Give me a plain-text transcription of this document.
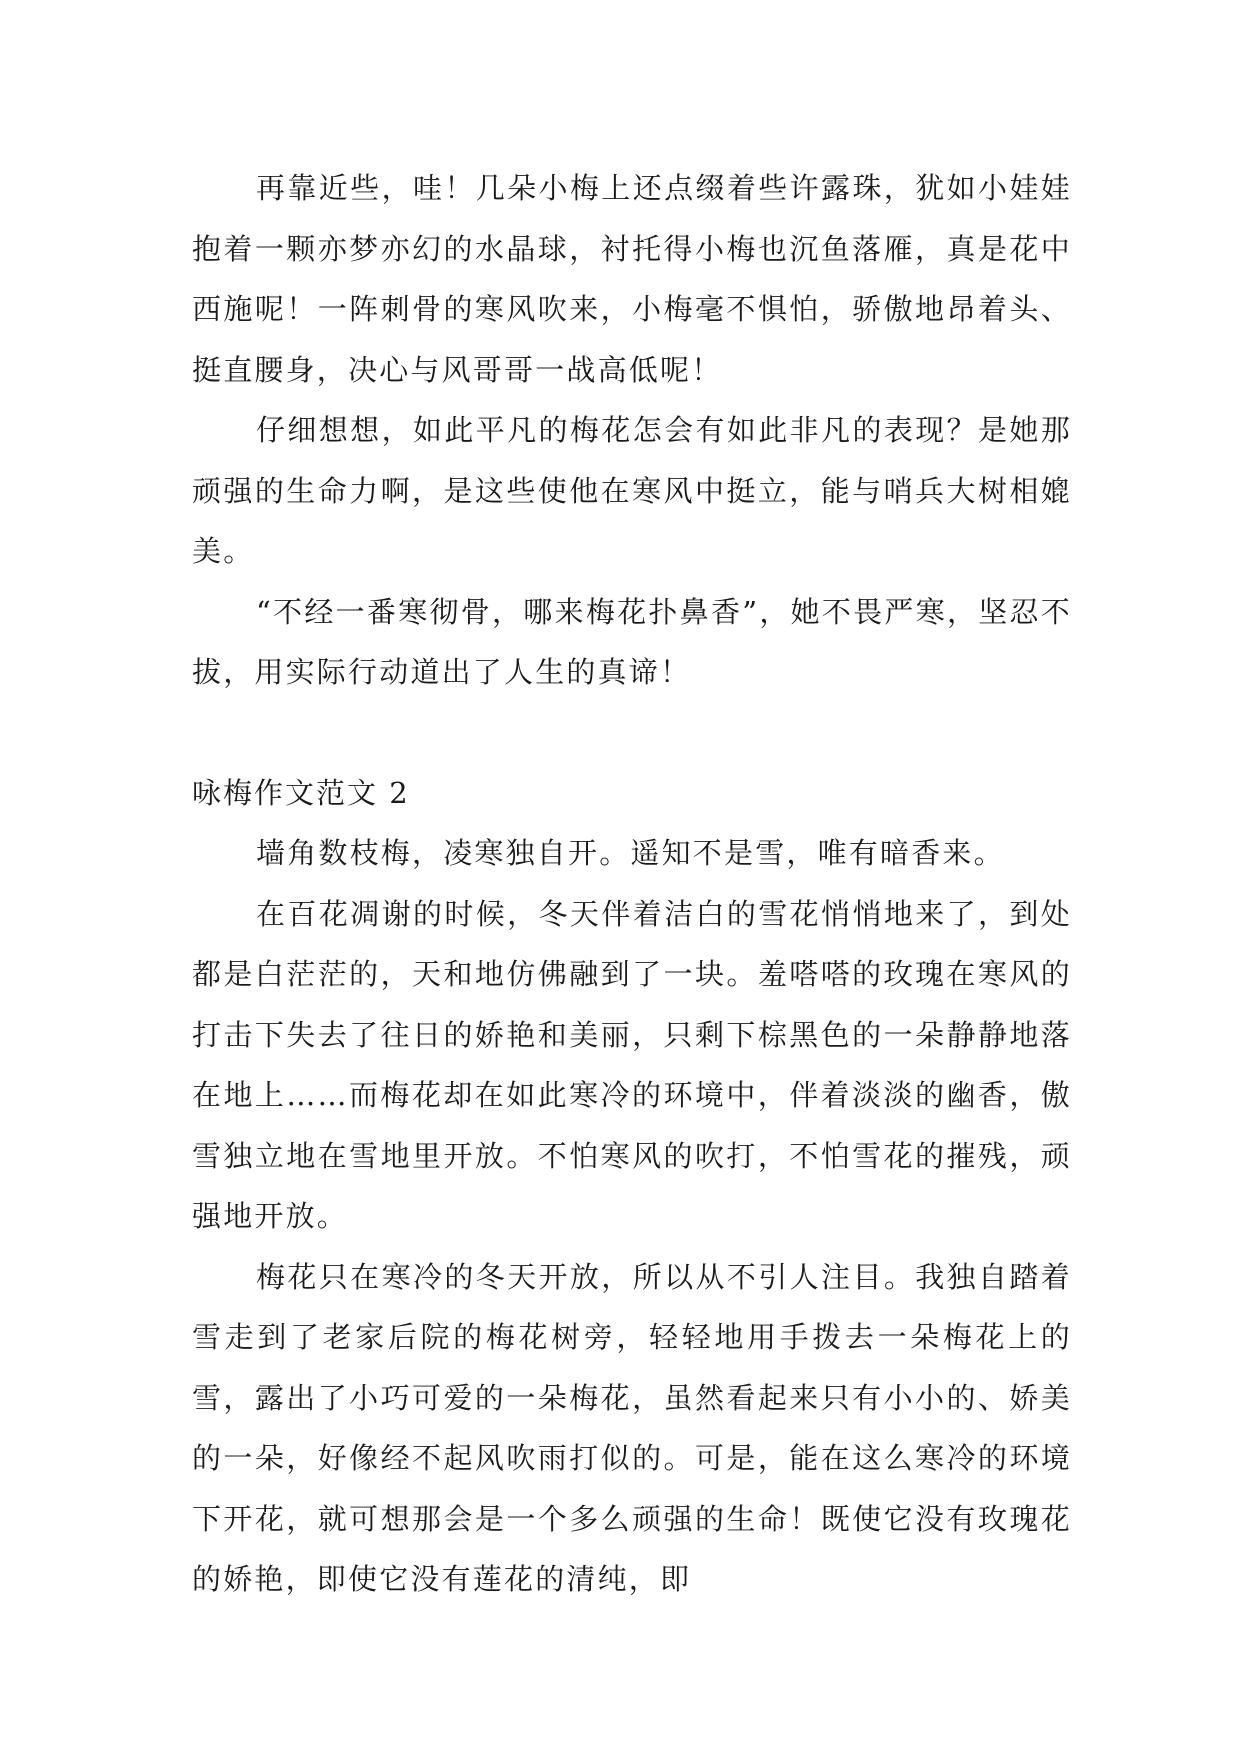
再靠近些，哇！几朵小梅上还点缀着些许露珠，犹如小娃娃抱着一颗亦梦亦幻的水晶球，衬托得小梅也沉鱼落雁，真是花中西施呢！一阵刺骨的寒风吹来，小梅毫不惧怕，骄傲地昂着头、挺直腰身，决心与风哥哥一战高低呢！

仔细想想，如此平凡的梅花怎会有如此非凡的表现？是她那顽强的生命力啊，是这些使他在寒风中挺立，能与哨兵大树相媲美。

“不经一番寒彻骨，哪来梅花扑鼻香”，她不畏严寒，坚忍不拔，用实际行动道出了人生的真谛！

咏梅作文范文 2

墙角数枝梅，凌寒独自开。遥知不是雪，唯有暗香来。

在百花凋谢的时候，冬天伴着洁白的雪花悄悄地来了，到处都是白茫茫的，天和地仿佛融到了一块。羞嗒嗒的玫瑰在寒风的打击下失去了往日的娇艳和美丽，只剩下棕黑色的一朵静静地落在地上……而梅花却在如此寒冷的环境中，伴着淡淡的幽香，傲雪独立地在雪地里开放。不怕寒风的吹打，不怕雪花的摧残，顽强地开放。

梅花只在寒冷的冬天开放，所以从不引人注目。我独自踏着雪走到了老家后院的梅花树旁，轻轻地用手拨去一朵梅花上的雪，露出了小巧可爱的一朵梅花，虽然看起来只有小小的、娇美的一朵，好像经不起风吹雨打似的。可是，能在这么寒冷的环境下开花，就可想那会是一个多么顽强的生命！既使它没有玫瑰花的娇艳，即使它没有莲花的清纯，即
